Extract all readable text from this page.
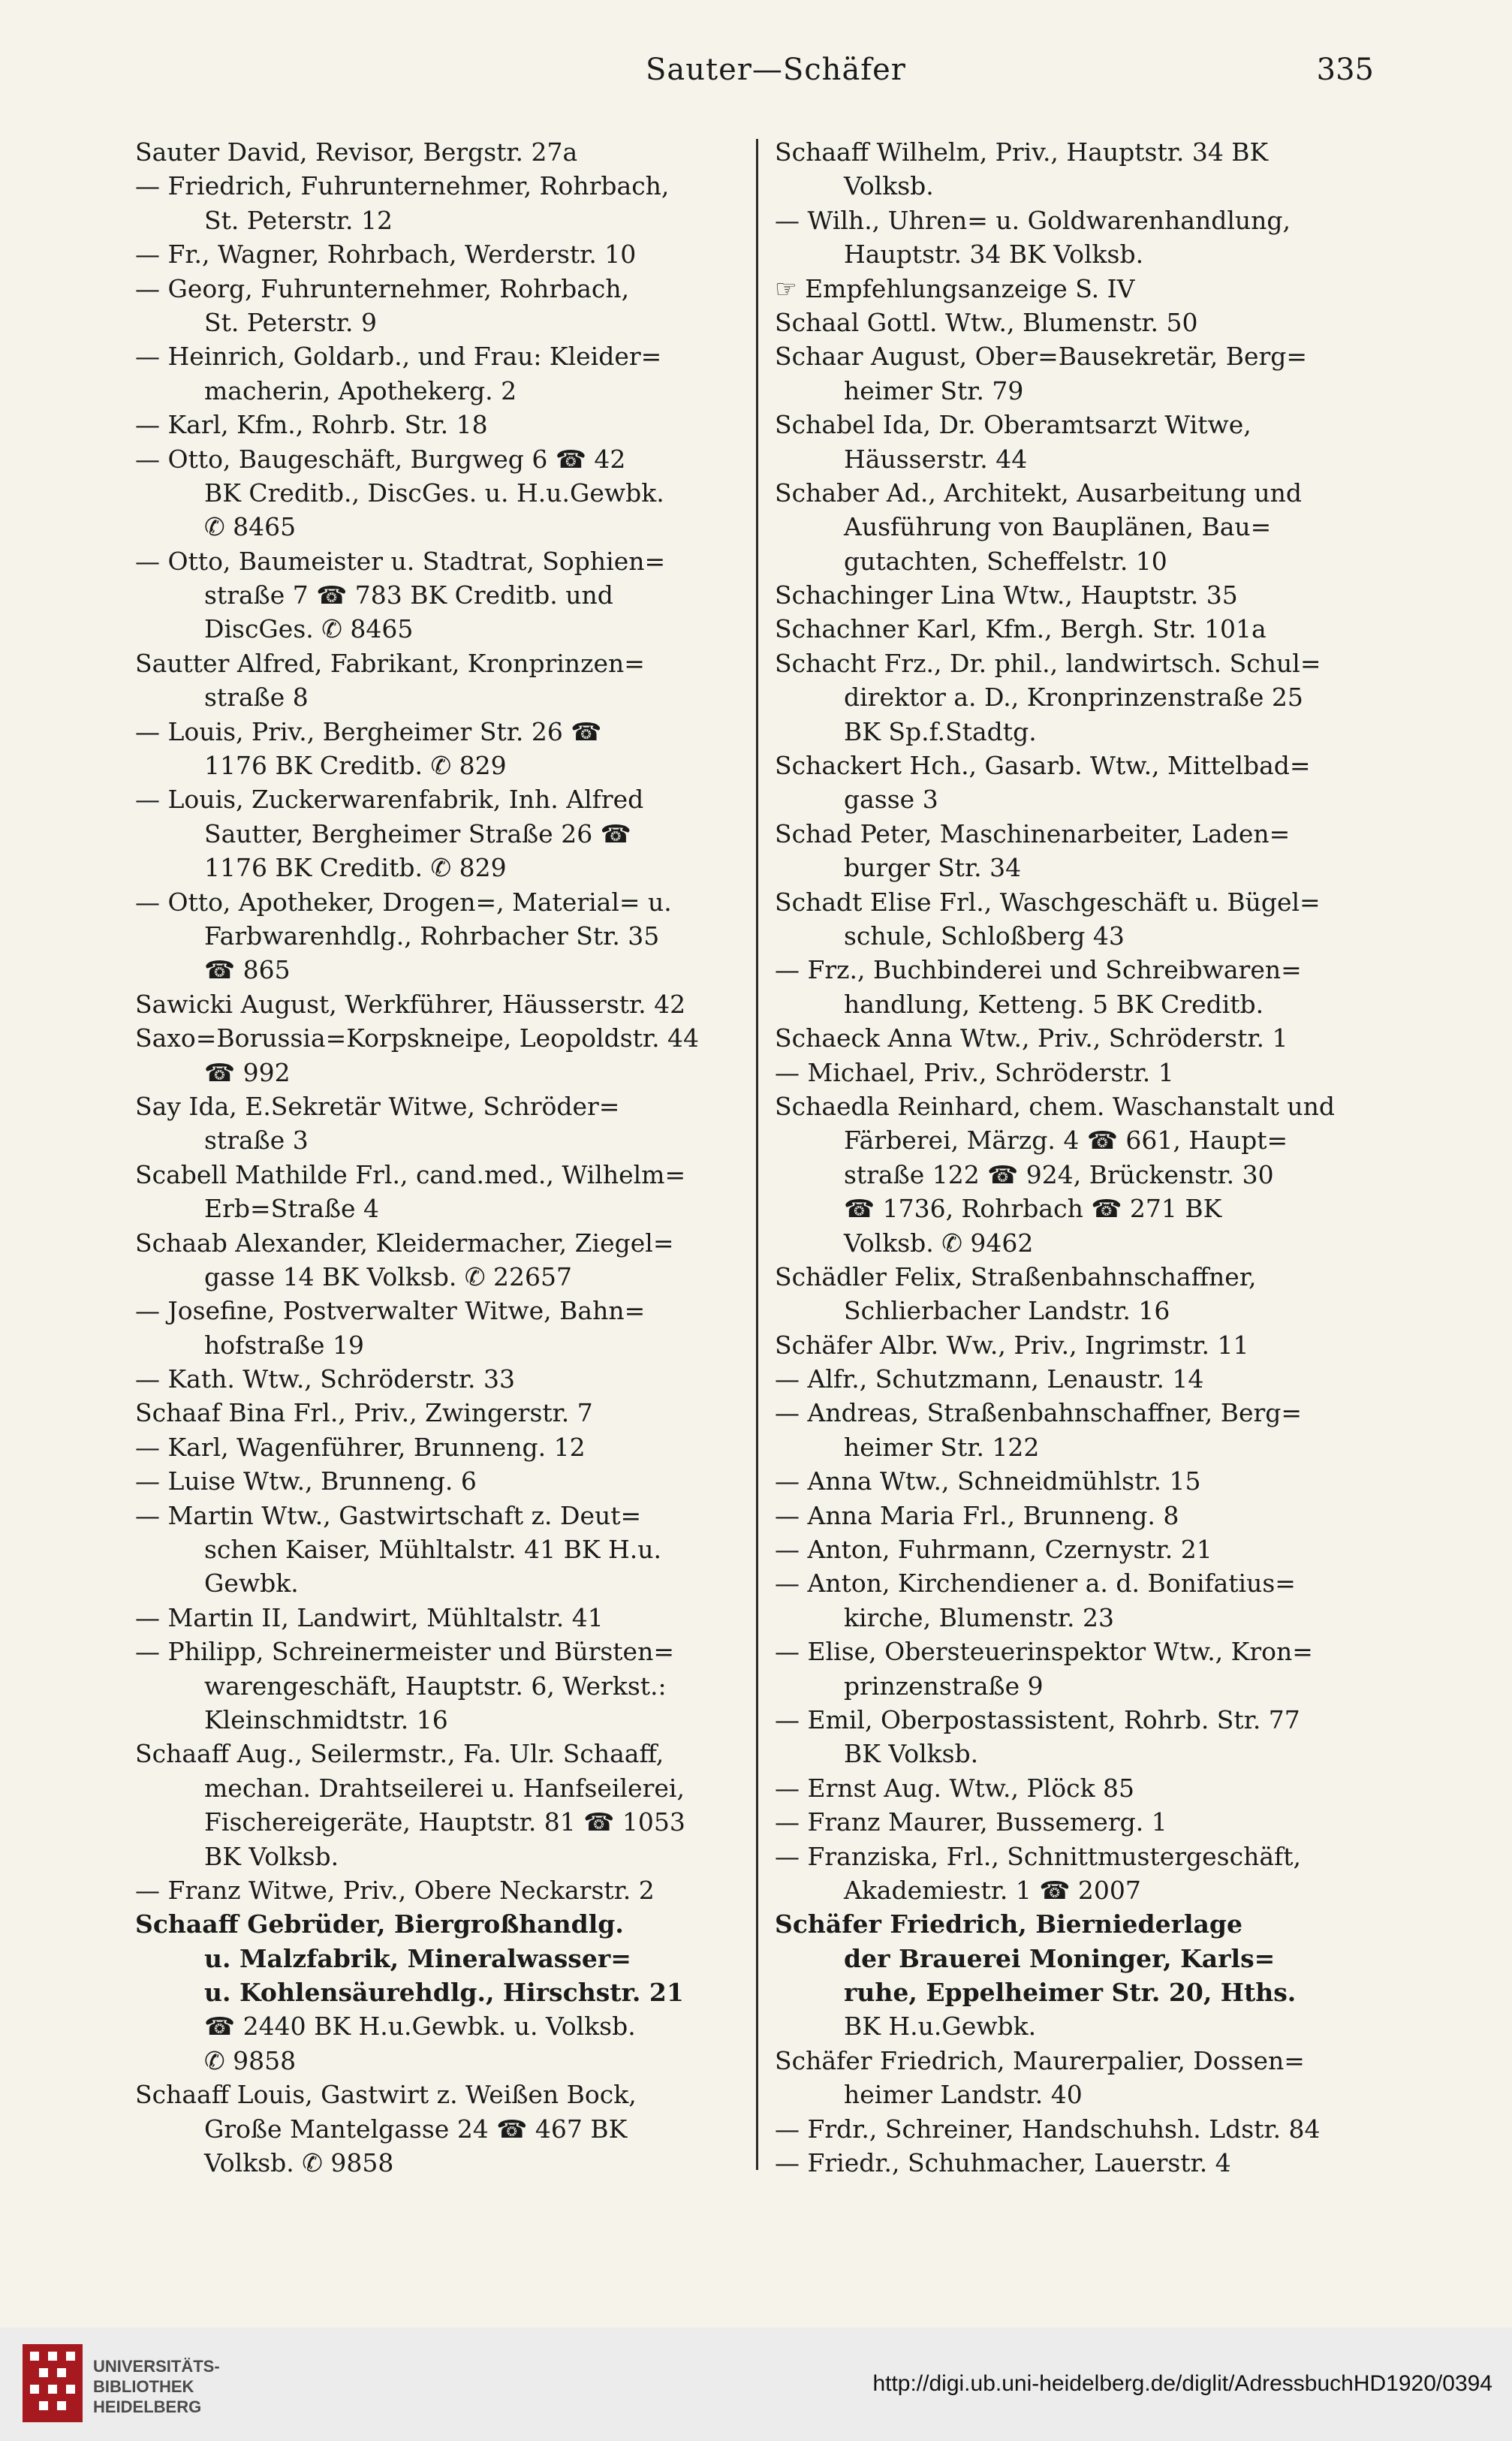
Sauter—Schäfer	335
Sauter David, Revisor, Bergstr. 27a
— Friedrich, Fuhrunternehmer, Rohrbach,
St. Peterstr. 12
— Fr., Wagner, Rohrbach, Werderstr. 10
— Georg, Fuhrunternehmer, Rohrbach,
St. Peterstr. 9
— Heinrich, Goldarb., und Frau: Kleider=
macherin, Apothekerg. 2
— Karl, Kfm., Rohrb. Str. 18
— Otto, Baugeschäft, Burgweg 6 ☎ 42
BK Creditb., DiscGes. u. H.u.Gewbk.
✆ 8465
— Otto, Baumeister u. Stadtrat, Sophien=
straße 7 ☎ 783 BK Creditb. und
DiscGes. ✆ 8465
Sautter Alfred, Fabrikant, Kronprinzen=
straße 8
— Louis, Priv., Bergheimer Str. 26 ☎
1176 BK Creditb. ✆ 829
— Louis, Zuckerwarenfabrik, Inh. Alfred
Sautter, Bergheimer Straße 26 ☎
1176 BK Creditb. ✆ 829
— Otto, Apotheker, Drogen=, Material= u.
Farbwarenhdlg., Rohrbacher Str. 35
☎ 865
Sawicki August, Werkführer, Häusserstr. 42
Saxo=Borussia=Korpskneipe, Leopoldstr. 44
☎ 992
Say Ida, E.Sekretär Witwe, Schröder=
straße 3
Scabell Mathilde Frl., cand.med., Wilhelm=
Erb=Straße 4
Schaab Alexander, Kleidermacher, Ziegel=
gasse 14 BK Volksb. ✆ 22657
— Josefine, Postverwalter Witwe, Bahn=
hofstraße 19
— Kath. Wtw., Schröderstr. 33
Schaaf Bina Frl., Priv., Zwingerstr. 7
— Karl, Wagenführer, Brunneng. 12
— Luise Wtw., Brunneng. 6
— Martin Wtw., Gastwirtschaft z. Deut=
schen Kaiser, Mühltalstr. 41 BK H.u.
Gewbk.
— Martin II, Landwirt, Mühltalstr. 41
— Philipp, Schreinermeister und Bürsten=
warengeschäft, Hauptstr. 6, Werkst.:
Kleinschmidtstr. 16
Schaaff Aug., Seilermstr., Fa. Ulr. Schaaff,
mechan. Drahtseilerei u. Hanfseilerei,
Fischereigeräte, Hauptstr. 81 ☎ 1053
BK Volksb.
— Franz Witwe, Priv., Obere Neckarstr. 2
Schaaff Gebrüder, Biergroßhandlg.
u. Malzfabrik, Mineralwasser=
u. Kohlensäurehdlg., Hirschstr. 21
☎ 2440 BK H.u.Gewbk. u. Volksb.
✆ 9858
Schaaff Louis, Gastwirt z. Weißen Bock,
Große Mantelgasse 24 ☎ 467 BK
Volksb. ✆ 9858
Schaaff Wilhelm, Priv., Hauptstr. 34 BK
Volksb.
— Wilh., Uhren= u. Goldwarenhandlung,
Hauptstr. 34 BK Volksb.
☞ Empfehlungsanzeige S. IV
Schaal Gottl. Wtw., Blumenstr. 50
Schaar August, Ober=Bausekretär, Berg=
heimer Str. 79
Schabel Ida, Dr. Oberamtsarzt Witwe,
Häusserstr. 44
Schaber Ad., Architekt, Ausarbeitung und
Ausführung von Bauplänen, Bau=
gutachten, Scheffelstr. 10
Schachinger Lina Wtw., Hauptstr. 35
Schachner Karl, Kfm., Bergh. Str. 101a
Schacht Frz., Dr. phil., landwirtsch. Schul=
direktor a. D., Kronprinzenstraße 25
BK Sp.f.Stadtg.
Schackert Hch., Gasarb. Wtw., Mittelbad=
gasse 3
Schad Peter, Maschinenarbeiter, Laden=
burger Str. 34
Schadt Elise Frl., Waschgeschäft u. Bügel=
schule, Schloßberg 43
— Frz., Buchbinderei und Schreibwaren=
handlung, Ketteng. 5 BK Creditb.
Schaeck Anna Wtw., Priv., Schröderstr. 1
— Michael, Priv., Schröderstr. 1
Schaedla Reinhard, chem. Waschanstalt und
Färberei, Märzg. 4 ☎ 661, Haupt=
straße 122 ☎ 924, Brückenstr. 30
☎ 1736, Rohrbach ☎ 271 BK
Volksb. ✆ 9462
Schädler Felix, Straßenbahnschaffner,
Schlierbacher Landstr. 16
Schäfer Albr. Ww., Priv., Ingrimstr. 11
— Alfr., Schutzmann, Lenaustr. 14
— Andreas, Straßenbahnschaffner, Berg=
heimer Str. 122
— Anna Wtw., Schneidmühlstr. 15
— Anna Maria Frl., Brunneng. 8
— Anton, Fuhrmann, Czernystr. 21
— Anton, Kirchendiener a. d. Bonifatius=
kirche, Blumenstr. 23
— Elise, Obersteuerinspektor Wtw., Kron=
prinzenstraße 9
— Emil, Oberpostassistent, Rohrb. Str. 77
BK Volksb.
— Ernst Aug. Wtw., Plöck 85
— Franz Maurer, Bussemerg. 1
— Franziska, Frl., Schnittmustergeschäft,
Akademiestr. 1 ☎ 2007
Schäfer Friedrich, Bierniederlage
der Brauerei Moninger, Karls=
ruhe, Eppelheimer Str. 20, Hths.
BK H.u.Gewbk.
Schäfer Friedrich, Maurerpalier, Dossen=
heimer Landstr. 40
— Frdr., Schreiner, Handschuhsh. Ldstr. 84
— Friedr., Schuhmacher, Lauerstr. 4
UNIVERSITÄTS-
BIBLIOTHEK
HEIDELBERG
http://digi.ub.uni-heidelberg.de/diglit/AdressbuchHD1920/0394
